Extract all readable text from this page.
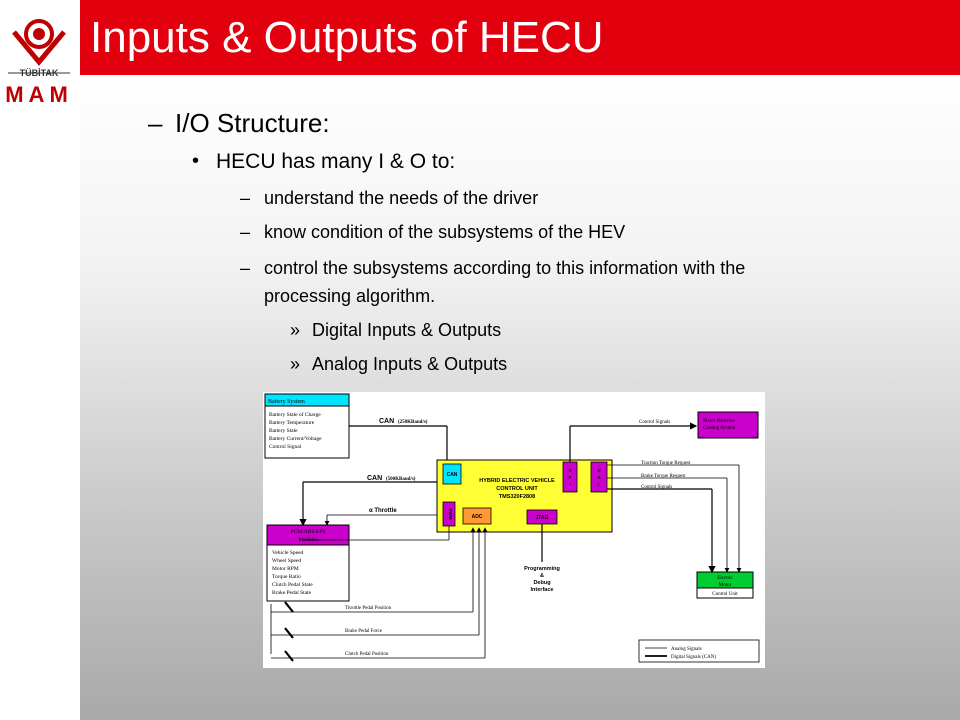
Inputs & Outputs of HECU
TÜBİTAK
MAM
– I/O Structure:
• HECU has many I & O to:
– understand the needs of the driver
– know condition of the subsystems of the HEV
– control the subsystems according to this information with the
processing algorithm.
» Digital Inputs & Outputs
» Analog Inputs & Outputs
Battery System
Battery State of Charge
Battery Temperature
Battery State
Battery Current/Voltage
Control Signal
CAN (250KBaud/s)
CAN (500KBaud/s)
α Throttle
HYBRID ELECTRIC VEHICLE
CONTROL UNIT
TMS320F2808
CAN
PWM	ADC	JTAG
S
P
I
D
A
C
PCM/ABS/EPS
Modules
Vehicle Speed
Wheel Speed
Motor RPM
Torque Ratio
Clutch Pedal State
Brake Pedal State
Programming
&
Debug
Interface
Motor Batteries
Cooling System
Control Signals
Traction Torque Request
Brake Torque Request
Control Signals
Electric
Motor
Control Unit
Throttle Pedal Position
Brake Pedal Force
Clutch Pedal Position
Analog Signals
Digital Signals (CAN)
